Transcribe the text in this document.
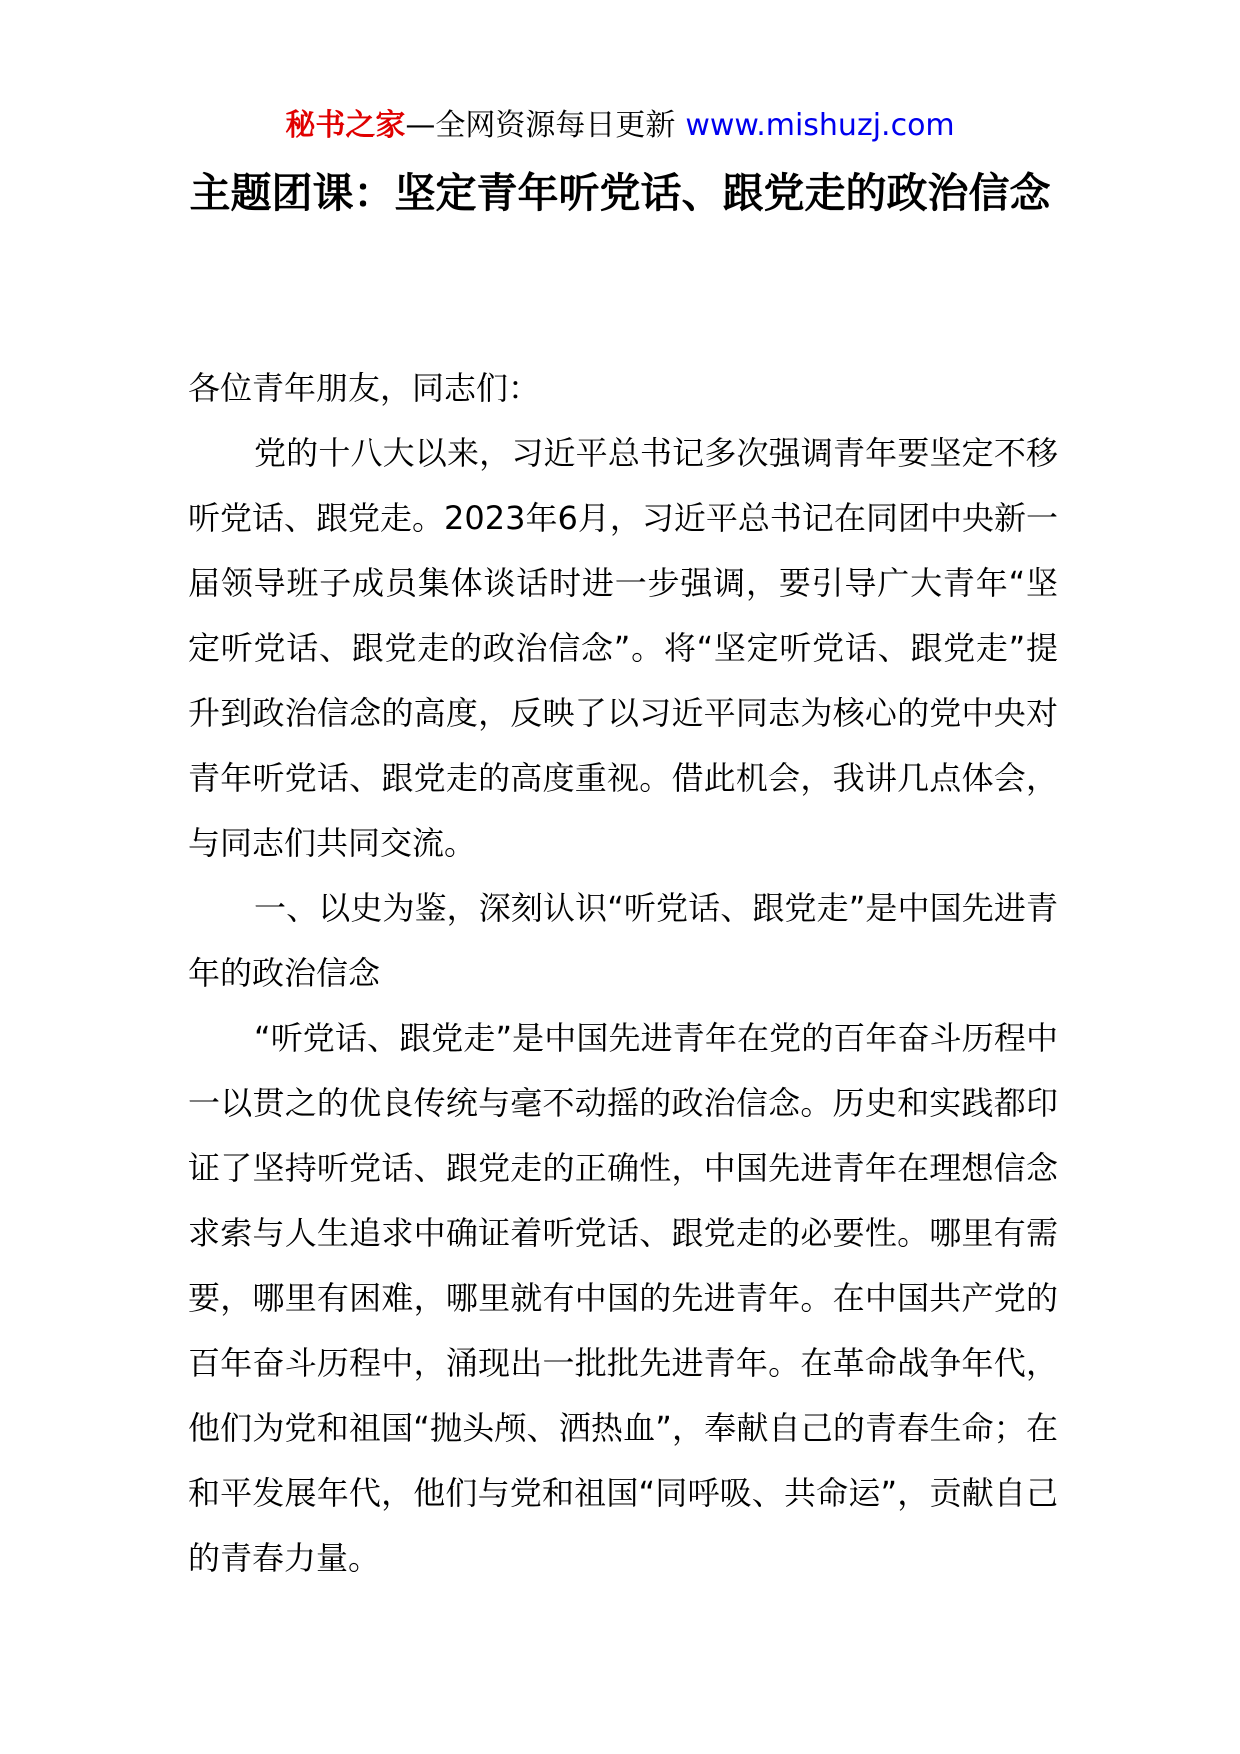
秘书之家—全网资源每日更新 www.mishuzj.com
主题团课：坚定青年听党话、跟党走的政治信念

各位青年朋友，同志们：

党的十八大以来，习近平总书记多次强调青年要坚定不移听党话、跟党走。2023年6月，习近平总书记在同团中央新一届领导班子成员集体谈话时进一步强调，要引导广大青年“坚定听党话、跟党走的政治信念”。将“坚定听党话、跟党走”提升到政治信念的高度，反映了以习近平同志为核心的党中央对青年听党话、跟党走的高度重视。借此机会，我讲几点体会，与同志们共同交流。

一、以史为鉴，深刻认识“听党话、跟党走”是中国先进青年的政治信念

“听党话、跟党走”是中国先进青年在党的百年奋斗历程中一以贯之的优良传统与毫不动摇的政治信念。历史和实践都印证了坚持听党话、跟党走的正确性，中国先进青年在理想信念求索与人生追求中确证着听党话、跟党走的必要性。哪里有需要，哪里有困难，哪里就有中国的先进青年。在中国共产党的百年奋斗历程中，涌现出一批批先进青年。在革命战争年代，他们为党和祖国“抛头颅、洒热血”，奉献自己的青春生命；在和平发展年代，他们与党和祖国“同呼吸、共命运”，贡献自己的青春力量。
